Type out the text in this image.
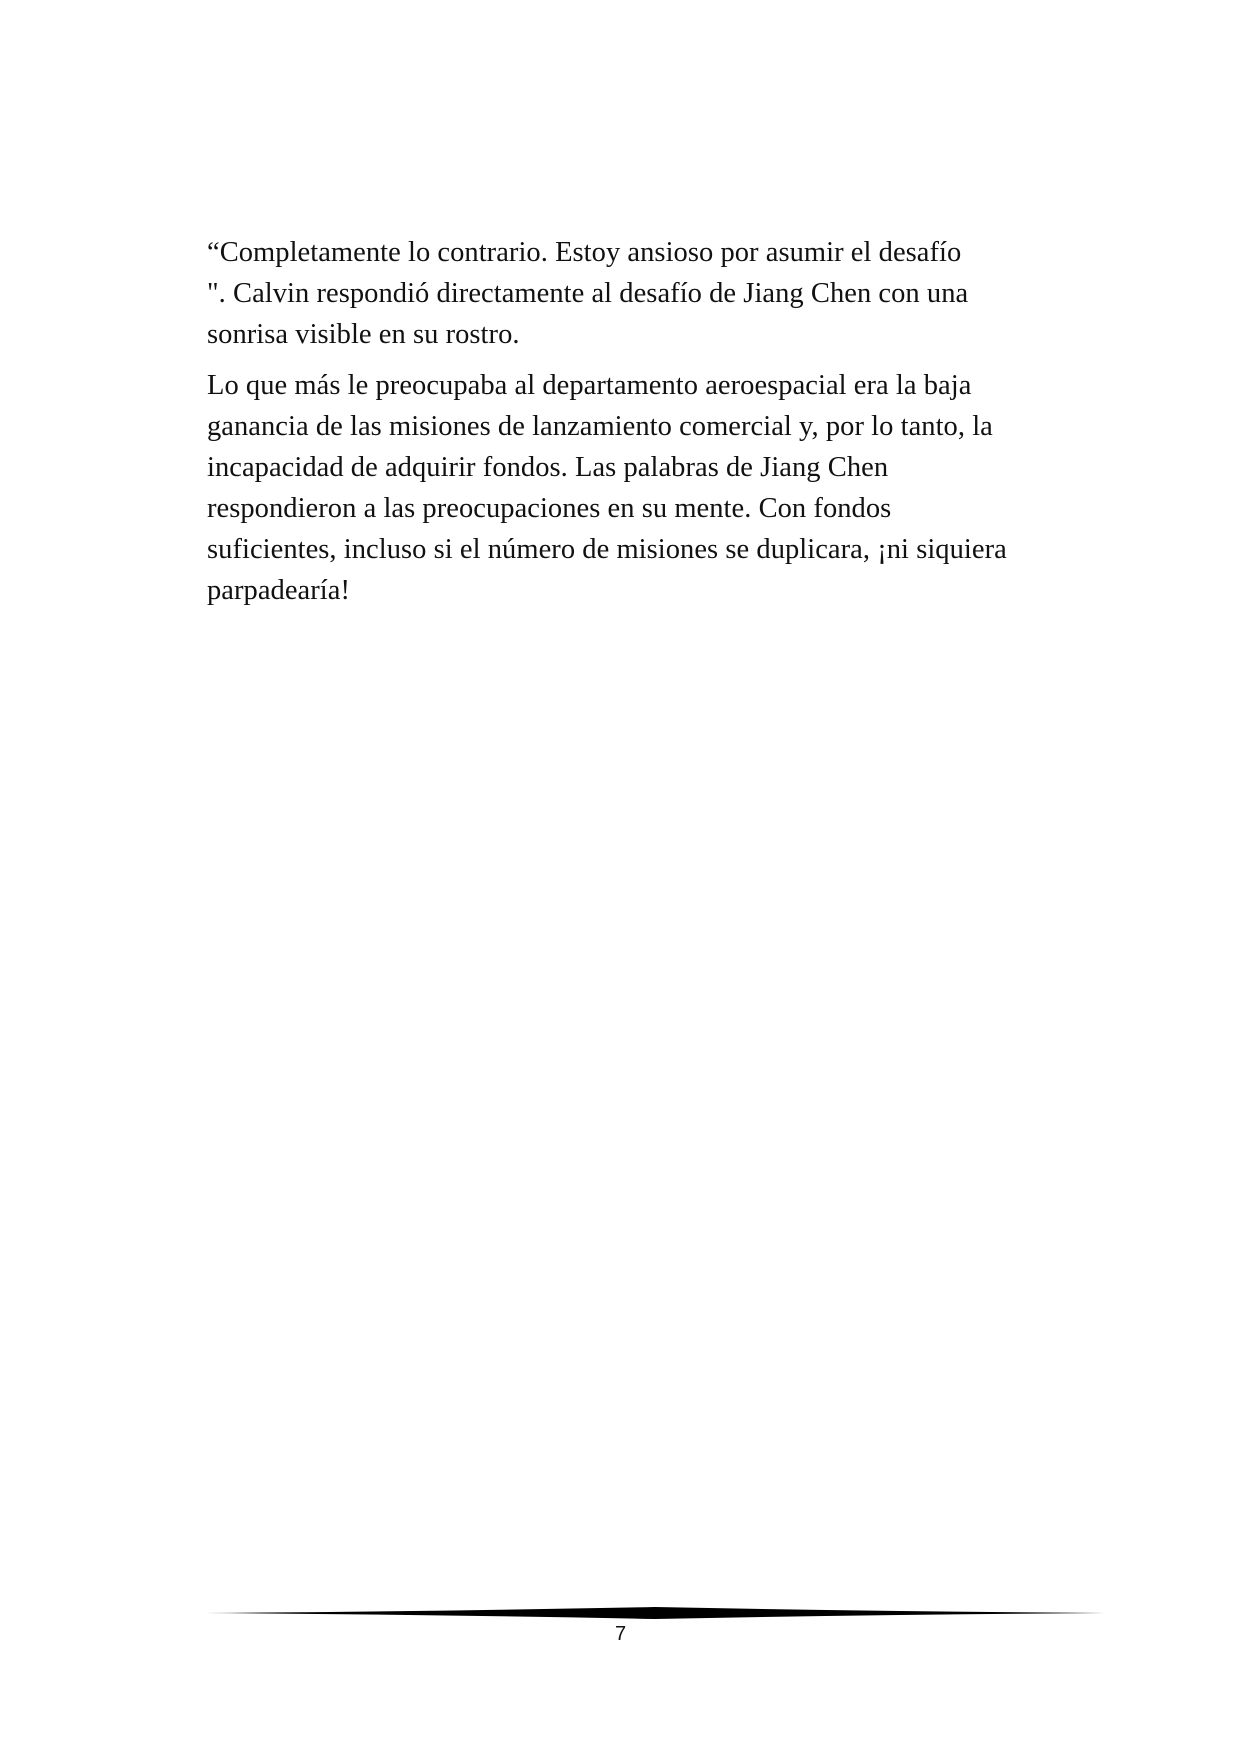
“Completamente lo contrario. Estoy ansioso por asumir el desafío
". Calvin respondió directamente al desafío de Jiang Chen con una
sonrisa visible en su rostro.

Lo que más le preocupaba al departamento aeroespacial era la baja
ganancia de las misiones de lanzamiento comercial y, por lo tanto, la
incapacidad de adquirir fondos. Las palabras de Jiang Chen
respondieron a las preocupaciones en su mente. Con fondos
suficientes, incluso si el número de misiones se duplicara, ¡ni siquiera
parpadearía!

7
